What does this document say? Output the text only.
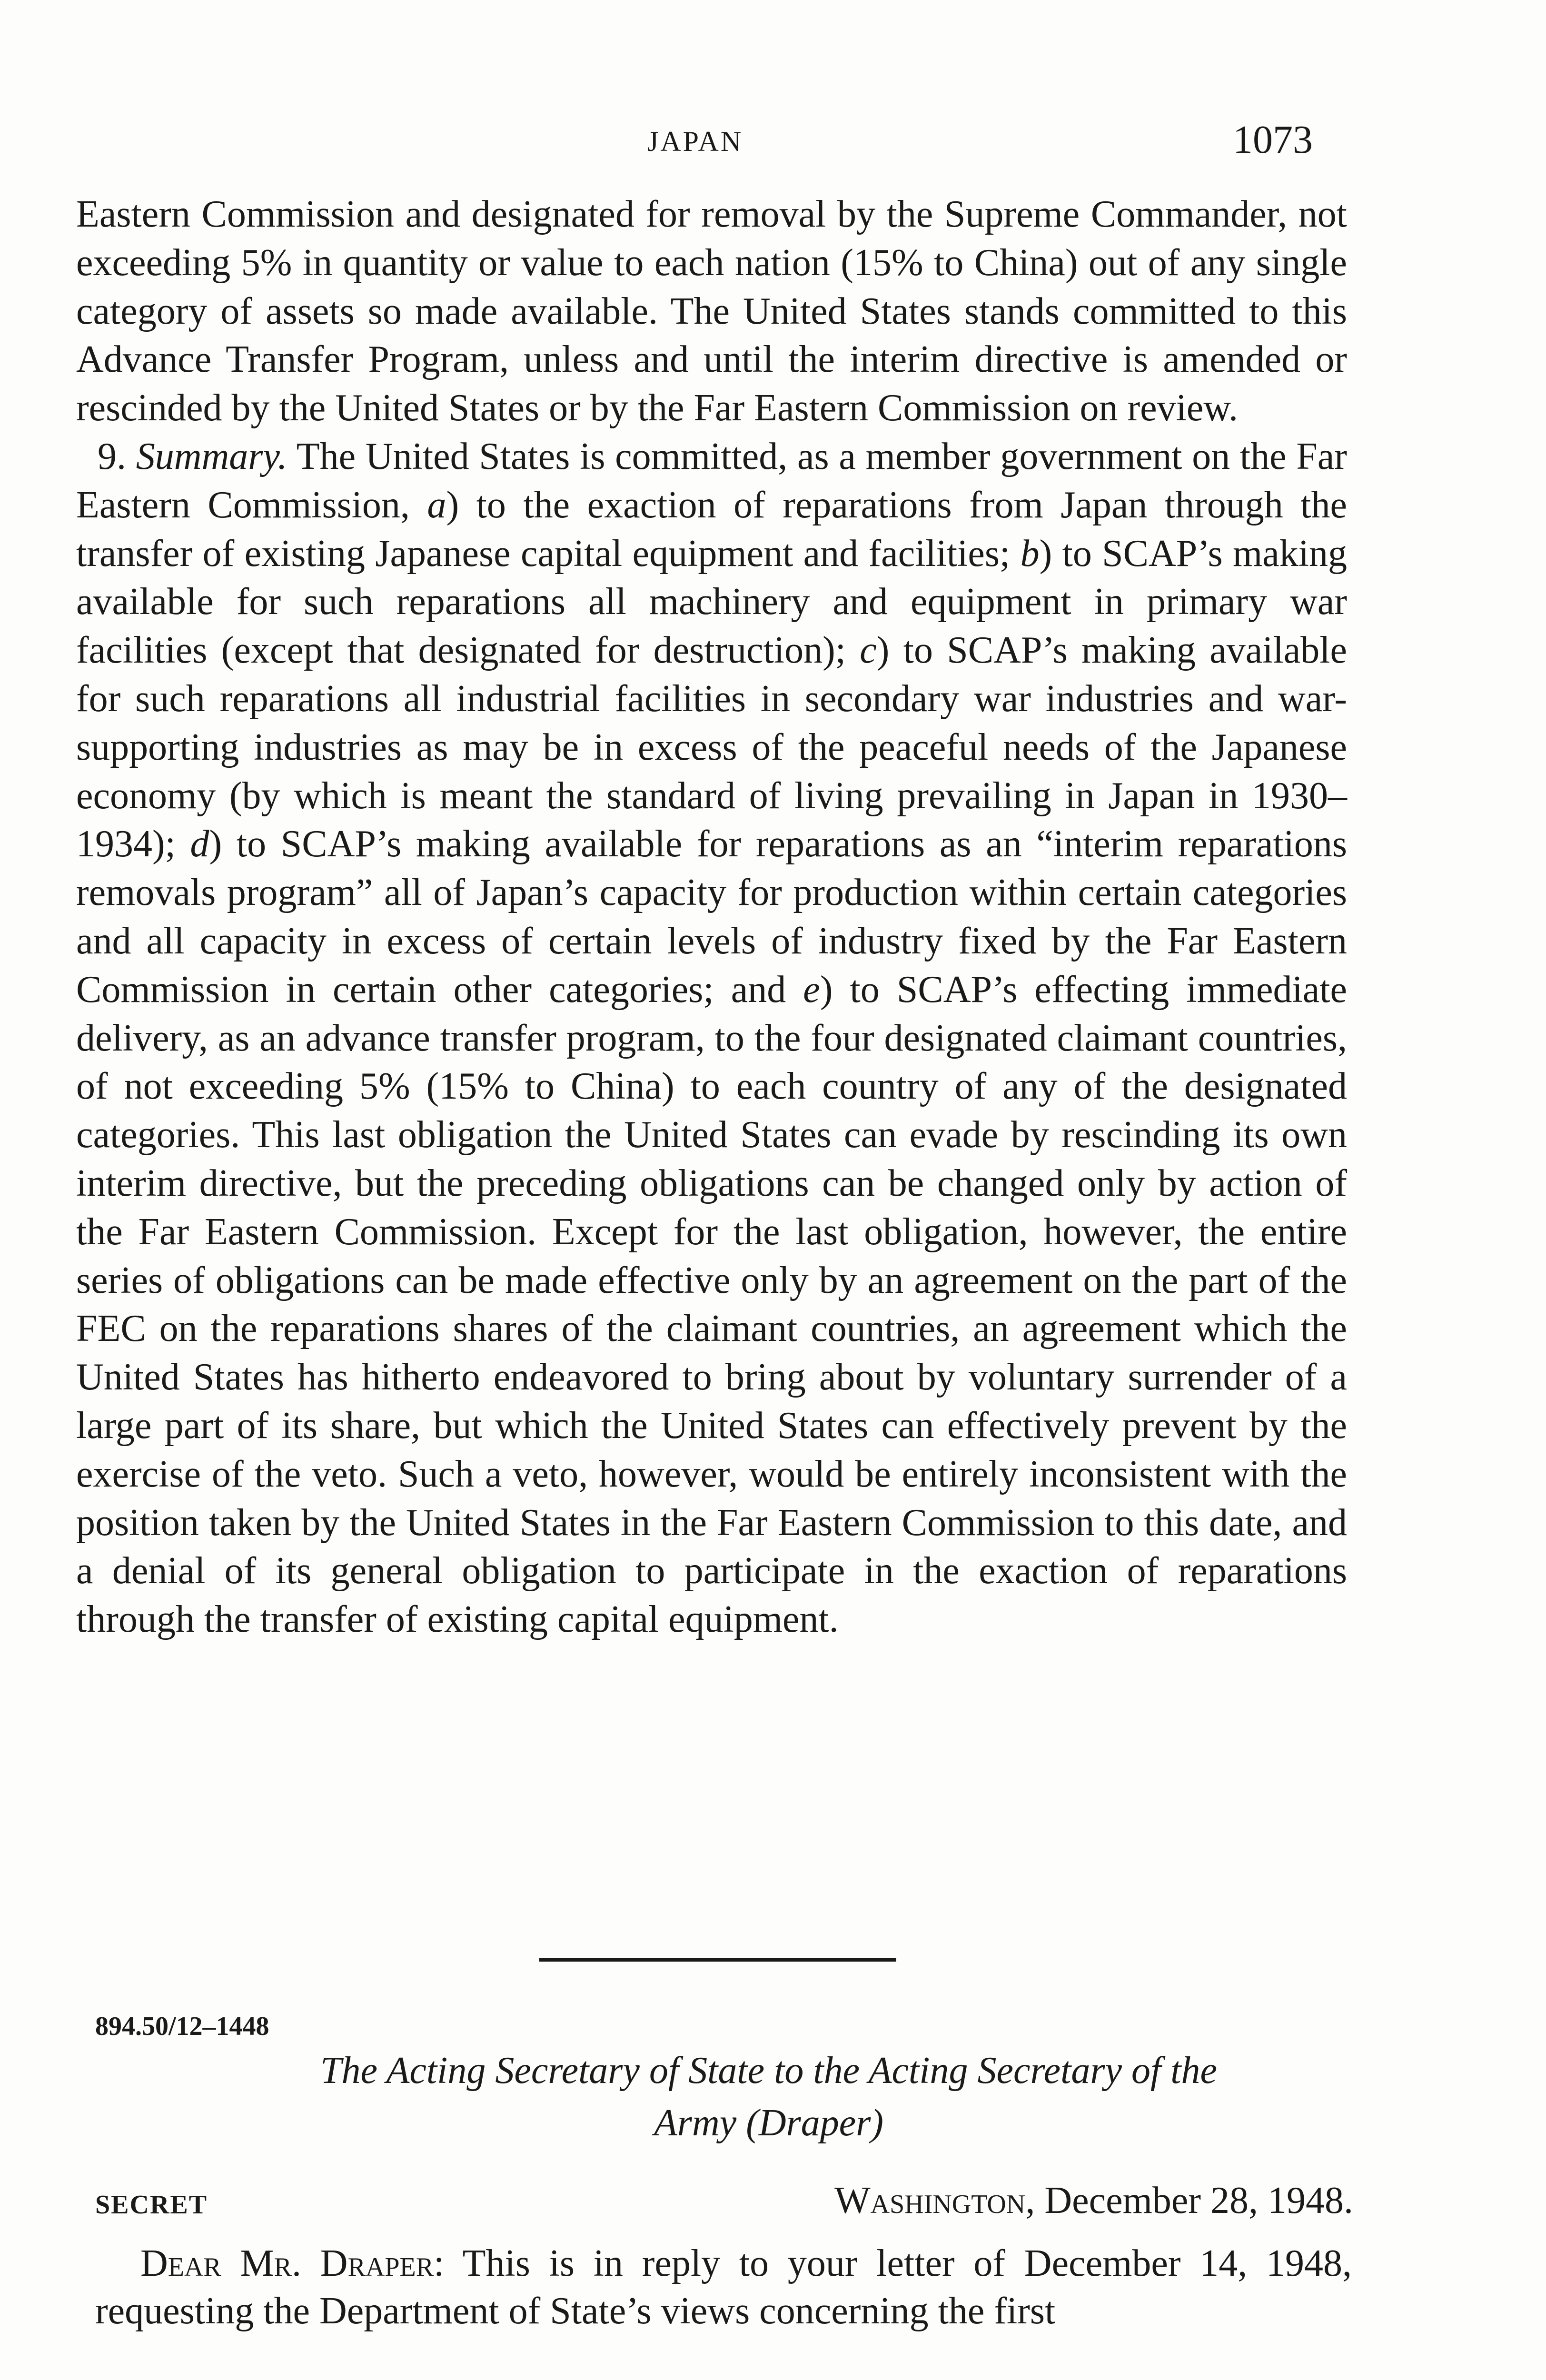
JAPAN	1073

Eastern Commission and designated for removal by the Supreme Commander, not exceeding 5% in quantity or value to each nation (15% to China) out of any single category of assets so made available. The United States stands committed to this Advance Transfer Program, unless and until the interim directive is amended or rescinded by the United States or by the Far Eastern Commission on review.

9. Summary. The United States is committed, as a member government on the Far Eastern Commission, a) to the exaction of reparations from Japan through the transfer of existing Japanese capital equipment and facilities; b) to SCAP’s making available for such reparations all machinery and equipment in primary war facilities (except that designated for destruction); c) to SCAP’s making available for such reparations all industrial facilities in secondary war industries and war-supporting industries as may be in excess of the peaceful needs of the Japanese economy (by which is meant the standard of living prevailing in Japan in 1930–1934); d) to SCAP’s making available for reparations as an “interim reparations removals program” all of Japan’s capacity for production within certain categories and all capacity in excess of certain levels of industry fixed by the Far Eastern Commission in certain other categories; and e) to SCAP’s effecting immediate delivery, as an advance transfer program, to the four designated claimant countries, of not exceeding 5% (15% to China) to each country of any of the designated categories. This last obligation the United States can evade by rescinding its own interim directive, but the preceding obligations can be changed only by action of the Far Eastern Commission. Except for the last obligation, however, the entire series of obligations can be made effective only by an agreement on the part of the FEC on the reparations shares of the claimant countries, an agreement which the United States has hitherto endeavored to bring about by voluntary surrender of a large part of its share, but which the United States can effectively prevent by the exercise of the veto. Such a veto, however, would be entirely inconsistent with the position taken by the United States in the Far Eastern Commission to this date, and a denial of its general obligation to participate in the exaction of reparations through the transfer of existing capital equipment.

894.50/12–1448
The Acting Secretary of State to the Acting Secretary of the
Army (Draper)
SECRET	Washington, December 28, 1948.

Dear Mr. Draper: This is in reply to your letter of December 14, 1948, requesting the Department of State’s views concerning the first
